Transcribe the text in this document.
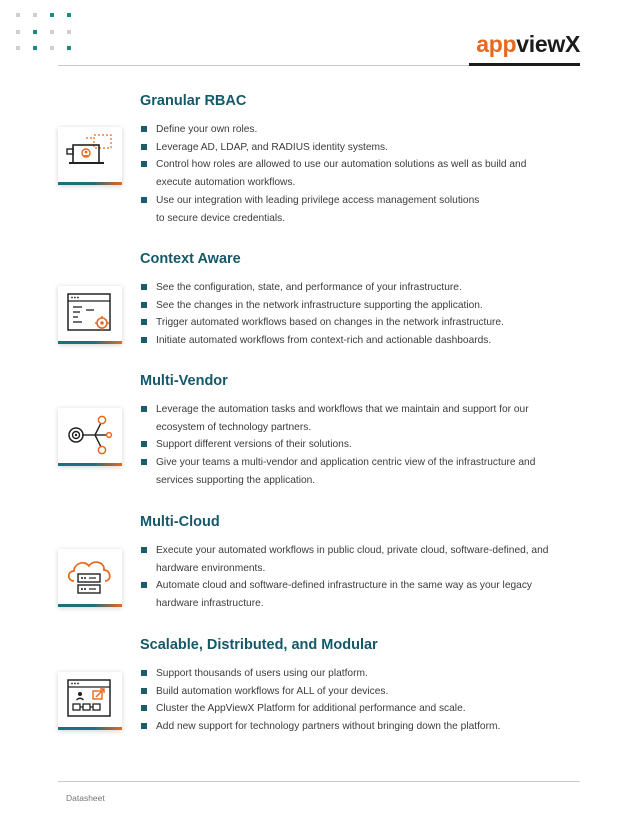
appviewX
Granular RBAC
Define your own roles.
Leverage AD, LDAP, and RADIUS identity systems.
Control how roles are allowed to use our automation solutions as well as build and execute automation workflows.
Use our integration with leading privilege access management solutions to secure device credentials.
Context Aware
See the configuration, state, and performance of your infrastructure.
See the changes in the network infrastructure supporting the application.
Trigger automated workflows based on changes in the network infrastructure.
Initiate automated workflows from context-rich and actionable dashboards.
Multi-Vendor
Leverage the automation tasks and workflows that we maintain and support for our ecosystem of technology partners.
Support different versions of their solutions.
Give your teams a multi-vendor and application centric view of the infrastructure and services supporting the application.
Multi-Cloud
Execute your automated workflows in public cloud, private cloud, software-defined, and hardware environments.
Automate cloud and software-defined infrastructure in the same way as your legacy hardware infrastructure.
Scalable, Distributed, and Modular
Support thousands of users using our platform.
Build automation workflows for ALL of your devices.
Cluster the AppViewX Platform for additional performance and scale.
Add new support for technology partners without bringing down the platform.
Datasheet
